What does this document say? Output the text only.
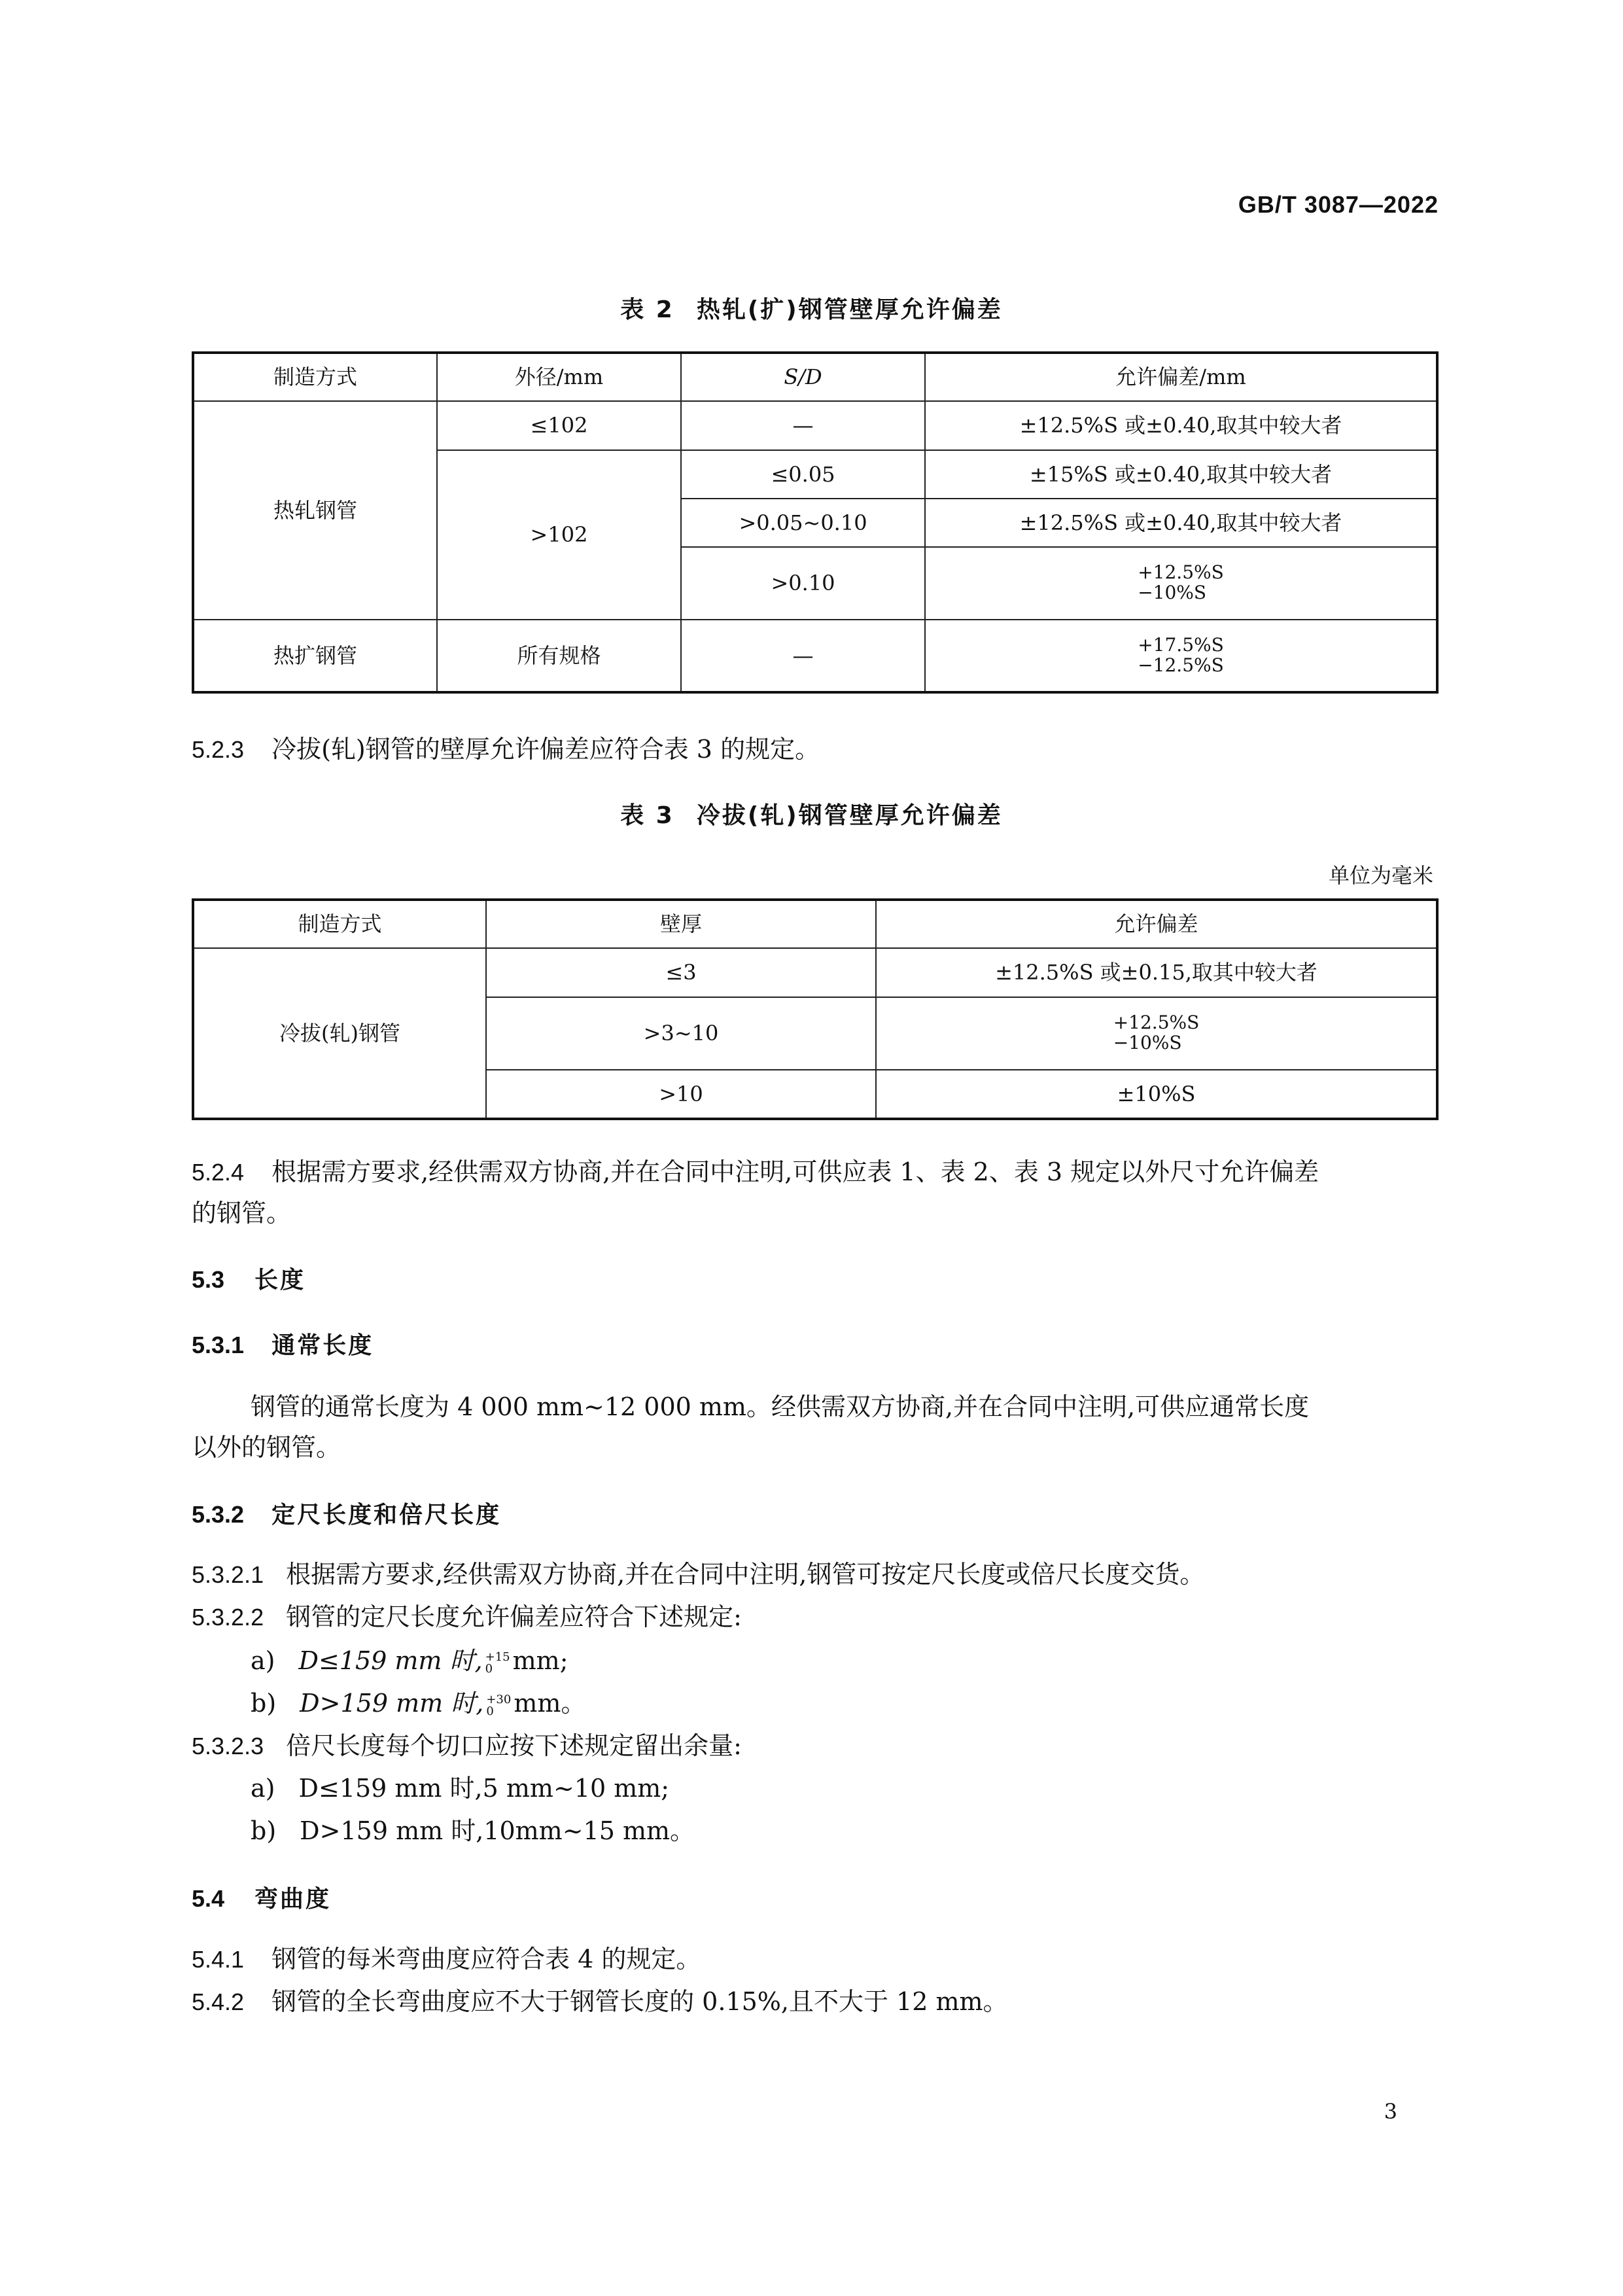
GB/T 3087—2022
表 2 热轧(扩)钢管壁厚允许偏差
制造方式	外径/mm	S/D	允许偏差/mm
热轧钢管	≤102	—	±12.5%S 或±0.40,取其中较大者
	>102	≤0.05	±15%S 或±0.40,取其中较大者
		>0.05~0.10	±12.5%S 或±0.40,取其中较大者
		>0.10	+12.5%S
−10%S
热扩钢管	所有规格	—	+17.5%S
−12.5%S
5.2.3 冷拔(轧)钢管的壁厚允许偏差应符合表 3 的规定。
表 3 冷拔(轧)钢管壁厚允许偏差
单位为毫米
制造方式	壁厚	允许偏差
冷拔(轧)钢管	≤3	±12.5%S 或±0.15,取其中较大者
	>3~10	+12.5%S
−10%S
	>10	±10%S
5.2.4 根据需方要求,经供需双方协商,并在合同中注明,可供应表 1、表 2、表 3 规定以外尺寸允许偏差
的钢管。
5.3 长度
5.3.1 通常长度
钢管的通常长度为 4 000 mm~12 000 mm。经供需双方协商,并在合同中注明,可供应通常长度
以外的钢管。
5.3.2 定尺长度和倍尺长度
5.3.2.1 根据需方要求,经供需双方协商,并在合同中注明,钢管可按定尺长度或倍尺长度交货。
5.3.2.2 钢管的定尺长度允许偏差应符合下述规定:
a) D≤159 mm 时, +15
0 mm;
b) D>159 mm 时, +30
0 mm。
5.3.2.3 倍尺长度每个切口应按下述规定留出余量:
a) D≤159 mm 时,5 mm~10 mm;
b) D>159 mm 时,10mm~15 mm。
5.4 弯曲度
5.4.1 钢管的每米弯曲度应符合表 4 的规定。
5.4.2 钢管的全长弯曲度应不大于钢管长度的 0.15%,且不大于 12 mm。
3
